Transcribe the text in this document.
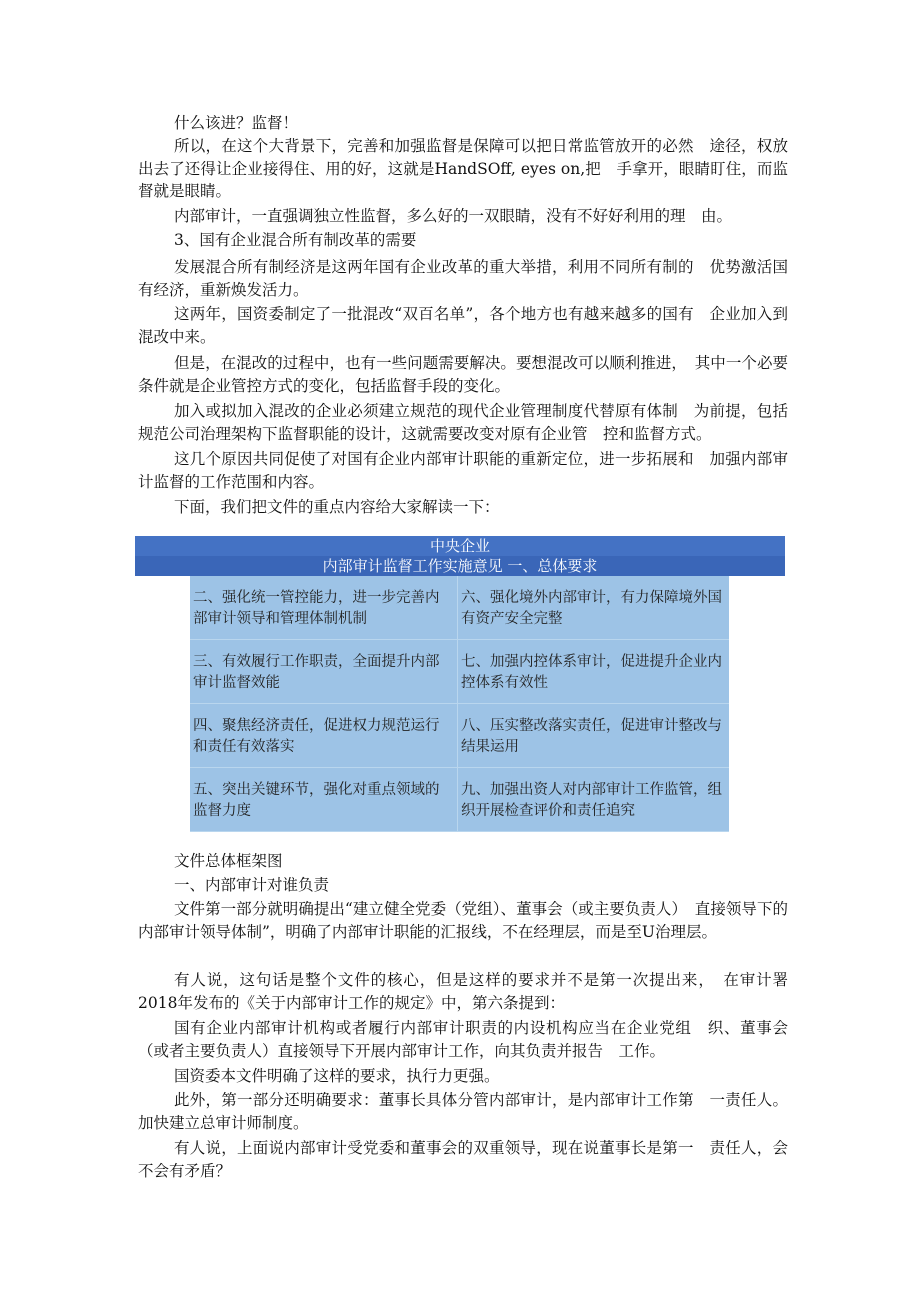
什么该进？监督！

所以，在这个大背景下，完善和加强监督是保障可以把日常监管放开的必然　途径，权放出去了还得让企业接得住、用的好，这就是HandSOff, eyes on,把　手拿开，眼睛盯住，而监督就是眼睛。

内部审计，一直强调独立性监督，多么好的一双眼睛，没有不好好利用的理　由。

3、国有企业混合所有制改革的需要

发展混合所有制经济是这两年国有企业改革的重大举措，利用不同所有制的　优势激活国有经济，重新焕发活力。

这两年，国资委制定了一批混改“双百名单”，各个地方也有越来越多的国有　企业加入到混改中来。

但是，在混改的过程中，也有一些问题需要解决。要想混改可以顺利推进，　其中一个必要条件就是企业管控方式的变化，包括监督手段的变化。

加入或拟加入混改的企业必须建立规范的现代企业管理制度代替原有体制　为前提，包括规范公司治理架构下监督职能的设计，这就需要改变对原有企业管　控和监督方式。

这几个原因共同促使了对国有企业内部审计职能的重新定位，进一步拓展和　加强内部审计监督的工作范围和内容。

下面，我们把文件的重点内容给大家解读一下：

中央企业
内部审计监督工作实施意见 一、总体要求
二、强化统一管控能力，进一步完善内部审计领导和管理体制机制
六、强化境外内部审计，有力保障境外国有资产安全完整
三、有效履行工作职责，全面提升内部审计监督效能
七、加强内控体系审计，促进提升企业内控体系有效性
四、聚焦经济责任，促进权力规范运行和责任有效落实
八、压实整改落实责任，促进审计整改与结果运用
五、突出关键环节，强化对重点领域的监督力度
九、加强出资人对内部审计工作监管，组织开展检查评价和责任追究

文件总体框架图

一、内部审计对谁负责

文件第一部分就明确提出“建立健全党委（党组）、董事会（或主要负责人）　直接领导下的内部审计领导体制”，明确了内部审计职能的汇报线，不在经理层，而是至U治理层。

有人说，这句话是整个文件的核心，但是这样的要求并不是第一次提出来，　在审计署2018年发布的《关于内部审计工作的规定》中，第六条提到：

国有企业内部审计机构或者履行内部审计职责的内设机构应当在企业党组　织、董事会（或者主要负责人）直接领导下开展内部审计工作，向其负责并报告　工作。

国资委本文件明确了这样的要求，执行力更强。

此外，第一部分还明确要求：董事长具体分管内部审计，是内部审计工作第　一责任人。加快建立总审计师制度。

有人说，上面说内部审计受党委和董事会的双重领导，现在说董事长是第一　责任人，会不会有矛盾？
